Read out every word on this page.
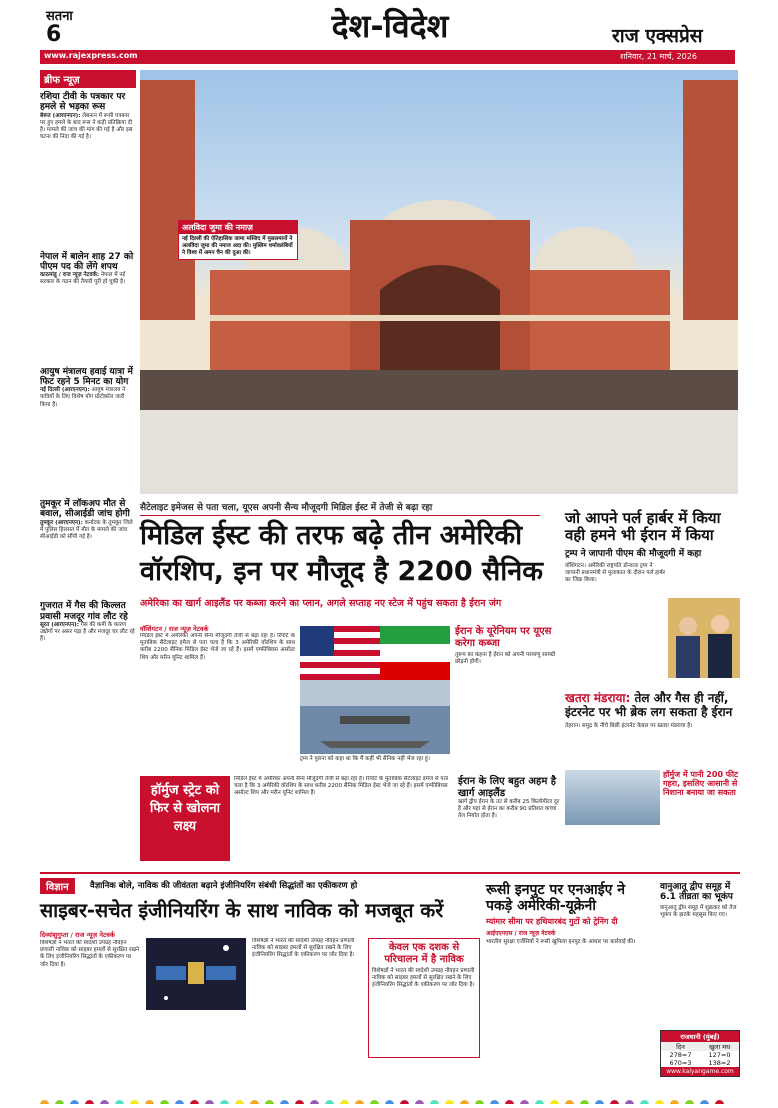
सतना
6	देश-विदेश	राज एक्सप्रेस
www.rajexpress.com	शनिवार, 21 मार्च, 2026
ब्रीफ न्यूज़
रशिया टीवी के पत्रकार पर हमले से भड़का रूस
बेरूत (आरएनएन): लेबनान में रूसी पत्रकार पर हुए हमले के बाद रूस ने कड़ी प्रतिक्रिया दी है। मामले की जांच की मांग की गई है और इस घटना की निंदा की गई है।
नेपाल में बालेन शाह 27 को पीएम पद की लेंगे शपथ
काठमांडू / राज न्यूज़ नेटवर्क: नेपाल में नई सरकार के गठन की तैयारी पूरी हो चुकी है।
आयुष मंत्रालय हवाई यात्रा में फिट रहने 5 मिनट का योग
नई दिल्ली (आरएनएन): आयुष मंत्रालय ने यात्रियों के लिए विशेष योग प्रोटोकॉल जारी किया है।
तुमकूर में लॉकअप मौत से बवाल, सीआईडी जांच होगी
तुमकूर (आरएनएन): कर्नाटक के तुमकूर जिले में पुलिस हिरासत में मौत के मामले की जांच सीआईडी को सौंपी गई है।
गुजरात में गैस की किल्लत प्रवासी मजदूर गांव लौट रहे
सूरत (आरएनएन): गैस की कमी के कारण उद्योगों पर असर पड़ा है और मजदूर घर लौट रहे हैं।
अलविदा जुमा की नमाज़
नई दिल्ली की ऐतिहासिक जामा मस्जिद में मुसलमानों ने अलविदा जुमा की नमाज अदा की। मुस्लिम धर्मावलंबियों ने विश्व में अमन चैन की दुआ की।
सैटेलाइट इमेजस से पता चला, यूएस अपनी सैन्य मौजूदगी मिडिल ईस्ट में तेजी से बढ़ा रहा
मिडिल ईस्ट की तरफ बढ़े तीन अमेरिकी
वॉरशिप, इन पर मौजूद है 2200 सैनिक
अमेरिका का खार्ग आइलैंड पर कब्जा करने का प्लान, अगले सप्ताह नए स्टेज में पहुंच सकता है ईरान जंग
वॉशिंगटन / राज न्यूज़ नेटवर्क
मिडिल ईस्ट में अमेरिका अपनी सैन्य मौजूदगी तेजी से बढ़ा रहा है। रिपोर्ट के मुताबिक सैटेलाइट इमेज से पता चला है कि 3 अमेरिकी वॉरशिप के साथ करीब 2200 सैनिक मिडिल ईस्ट भेजे जा रहे हैं। इसमें एम्फीबियस असॉल्ट शिप और मरीन यूनिट शामिल हैं।
ट्रम्प ने पुराना को कहा था कि मैं कहीं भी सैनिक नहीं भेज रहा हूं।
ईरान के यूरेनियम पर यूएस करेगा कब्जा
तुरूप का कहना है ईरान को अपनी परमाणु सामग्री छोड़नी होगी।
हॉर्मुज स्ट्रेट को फिर से खोलना लक्ष्य
मिडिल ईस्ट में अमेरिका अपनी सैन्य मौजूदगी तेजी से बढ़ा रहा है। रिपोर्ट के मुताबिक सैटेलाइट इमेज से पता चला है कि 3 अमेरिकी वॉरशिप के साथ करीब 2200 सैनिक मिडिल ईस्ट भेजे जा रहे हैं। इसमें एम्फीबियस असॉल्ट शिप और मरीन यूनिट शामिल हैं।
ईरान के लिए बहुत अहम है खार्ग आइलैंड
खार्ग द्वीप ईरान के तट से करीब 25 किलोमीटर दूर है और यहां से ईरान का करीब 90 प्रतिशत कच्चा तेल निर्यात होता है।
जो आपने पर्ल हार्बर में किया वही हमने भी ईरान में किया
ट्रम्प ने जापानी पीएम की मौजूदगी में कहा
वॉशिंगटन। अमेरिकी राष्ट्रपति डोनाल्ड ट्रम्प ने जापानी प्रधानमंत्री से मुलाकात के दौरान पर्ल हार्बर का जिक्र किया।
खतरा मंडराया: तेल और गैस ही नहीं, इंटरनेट पर भी ब्रेक लग सकता है ईरान
तेहरान। समुद्र के नीचे बिछी इंटरनेट केबल पर खतरा मंडराया है।
हॉर्मुज में पानी 200 फीट गहरा, इसलिए आसानी से निशाना बनाया जा सकता
विज्ञान	वैज्ञानिक बोले, नाविक की जीवंतता बढ़ाने इंजीनियरिंग संबंधी सिद्धांतों का एकीकरण हो
साइबर-सचेत इंजीनियरिंग के साथ नाविक को मजबूत करें
दिव्यांशुगुप्ता / राज न्यूज़ नेटवर्क
विशेषज्ञों ने भारत की स्वदेशी उपग्रह नौवहन प्रणाली नाविक को साइबर हमलों से सुरक्षित रखने के लिए इंजीनियरिंग सिद्धांतों के एकीकरण पर जोर दिया है।
विशेषज्ञों ने भारत की स्वदेशी उपग्रह नौवहन प्रणाली नाविक को साइबर हमलों से सुरक्षित रखने के लिए इंजीनियरिंग सिद्धांतों के एकीकरण पर जोर दिया है।
केवल एक दशक से परिचालन में है नाविक
विशेषज्ञों ने भारत की स्वदेशी उपग्रह नौवहन प्रणाली नाविक को साइबर हमलों से सुरक्षित रखने के लिए इंजीनियरिंग सिद्धांतों के एकीकरण पर जोर दिया है।
रूसी इनपुट पर एनआईए ने पकड़े अमेरिकी-यूक्रेनी
म्यांमार सीमा पर हथियारबंद गुटों को ट्रेनिंग दी
आईएएनएस / राज न्यूज़ नेटवर्क
भारतीय सुरक्षा एजेंसियों ने रूसी खुफिया इनपुट के आधार पर कार्रवाई की।
वानुआतू द्वीप समूह में 6.1 तीव्रता का भूकंप
वानुआतू द्वीप समूह में शुक्रवार को तेज भूकंप के झटके महसूस किए गए।
राजधानी (मुंबई)
दिन	खुला मध
278=7	127=0
670=3	138=2
www.kalyangame.com
